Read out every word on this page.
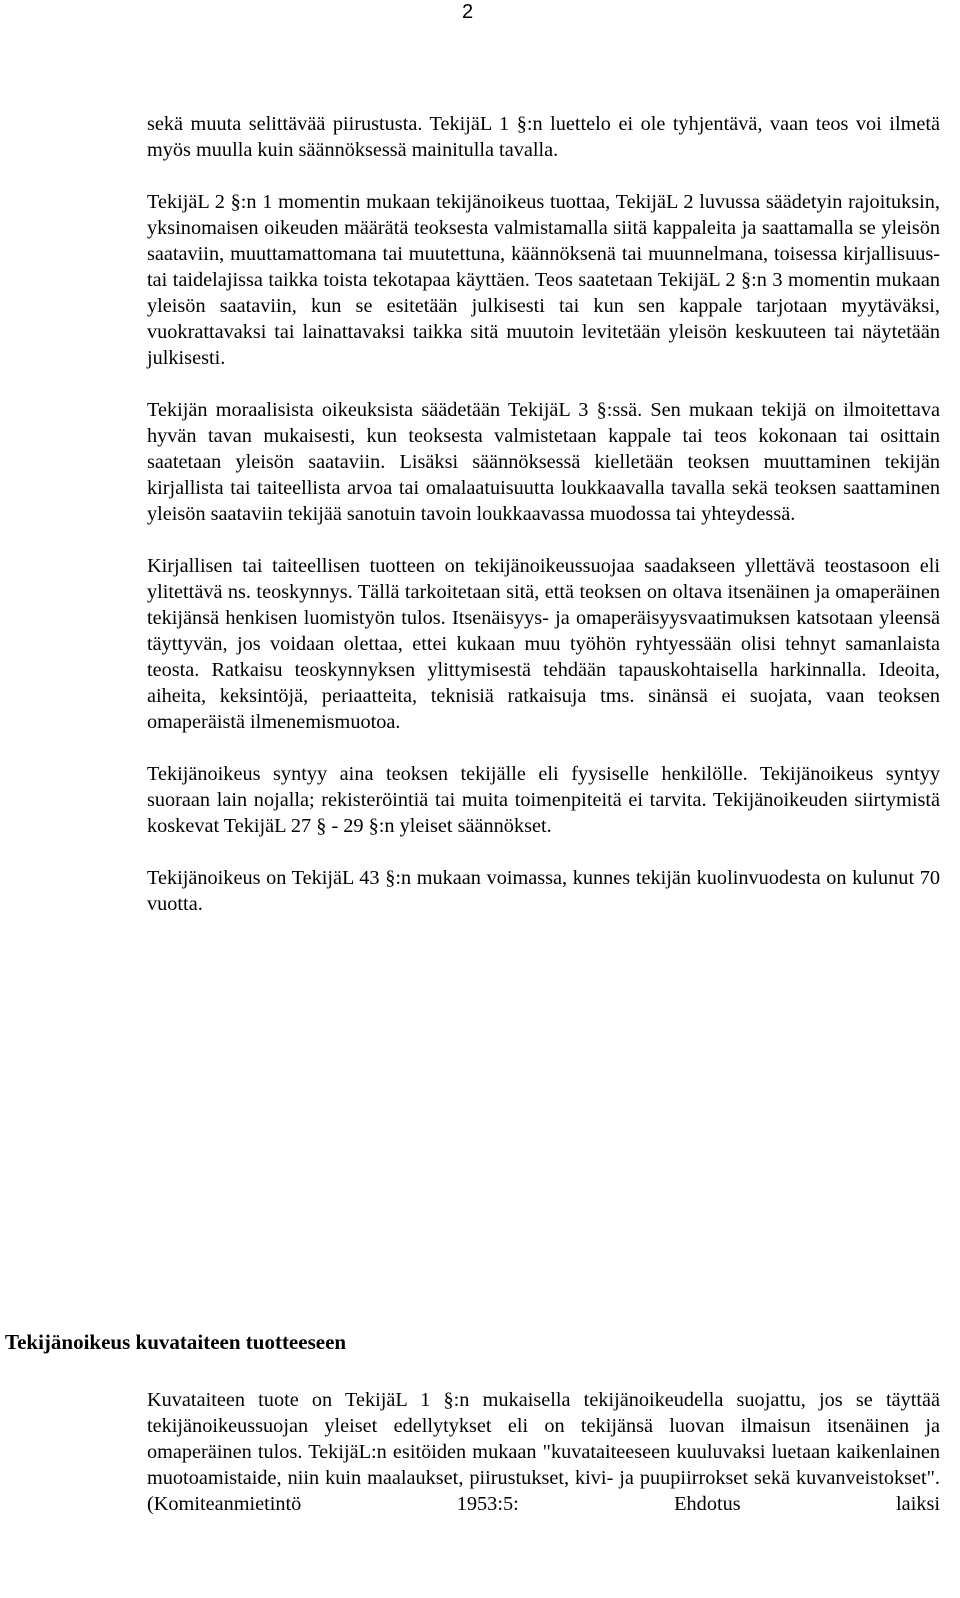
2

sekä muuta selittävää piirustusta. TekijäL 1 §:n luettelo ei ole tyhjentävä, vaan teos voi ilmetä myös muulla kuin säännöksessä mainitulla tavalla.

TekijäL 2 §:n 1 momentin mukaan tekijänoikeus tuottaa, TekijäL 2 luvussa säädetyin rajoituksin, yksinomaisen oikeuden määrätä teoksesta valmistamalla siitä kappaleita ja saattamalla se yleisön saataviin, muuttamattomana tai muutettuna, käännöksenä tai muunnelmana, toisessa kirjallisuus- tai taidelajissa taikka toista tekotapaa käyttäen. Teos saatetaan TekijäL 2 §:n 3 momentin mukaan yleisön saataviin, kun se esitetään julkisesti tai kun sen kappale tarjotaan myytäväksi, vuokrattavaksi tai lainattavaksi taikka sitä muutoin levitetään yleisön keskuuteen tai näytetään julkisesti.

Tekijän moraalisista oikeuksista säädetään TekijäL 3 §:ssä. Sen mukaan tekijä on ilmoitettava hyvän tavan mukaisesti, kun teoksesta valmistetaan kappale tai teos kokonaan tai osittain saatetaan yleisön saataviin. Lisäksi säännöksessä kielletään teoksen muuttaminen tekijän kirjallista tai taiteellista arvoa tai omalaatuisuutta loukkaavalla tavalla sekä teoksen saattaminen yleisön saataviin tekijää sanotuin tavoin loukkaavassa muodossa tai yhteydessä.

Kirjallisen tai taiteellisen tuotteen on tekijänoikeussuojaa saadakseen yllettävä teostasoon eli ylitettävä ns. teoskynnys. Tällä tarkoitetaan sitä, että teoksen on oltava itsenäinen ja omaperäinen tekijänsä henkisen luomistyön tulos. Itsenäisyys- ja omaperäisyysvaatimuksen katsotaan yleensä täyttyvän, jos voidaan olettaa, ettei kukaan muu työhön ryhtyessään olisi tehnyt samanlaista teosta. Ratkaisu teoskynnyksen ylittymisestä tehdään tapauskohtaisella harkinnalla. Ideoita, aiheita, keksintöjä, periaatteita, teknisiä ratkaisuja tms. sinänsä ei suojata, vaan teoksen omaperäistä ilmenemismuotoa.

Tekijänoikeus syntyy aina teoksen tekijälle eli fyysiselle henkilölle. Tekijänoikeus syntyy suoraan lain nojalla; rekisteröintiä tai muita toimenpiteitä ei tarvita. Tekijänoikeuden siirtymistä koskevat TekijäL 27 § - 29 §:n yleiset säännökset.

Tekijänoikeus on TekijäL 43 §:n mukaan voimassa, kunnes tekijän kuolinvuodesta on kulunut 70 vuotta.

Tekijänoikeus kuvataiteen tuotteeseen

Kuvataiteen tuote on TekijäL 1 §:n mukaisella tekijänoikeudella suojattu, jos se täyttää tekijänoikeussuojan yleiset edellytykset eli on tekijänsä luovan ilmaisun itsenäinen ja omaperäinen tulos. TekijäL:n esitöiden mukaan "kuvataiteeseen kuuluvaksi luetaan kaikenlainen muotoamistaide, niin kuin maalaukset, piirustukset, kivi- ja puupiirrokset sekä kuvanveistokset". (Komiteanmietintö 1953:5: Ehdotus laiksi
